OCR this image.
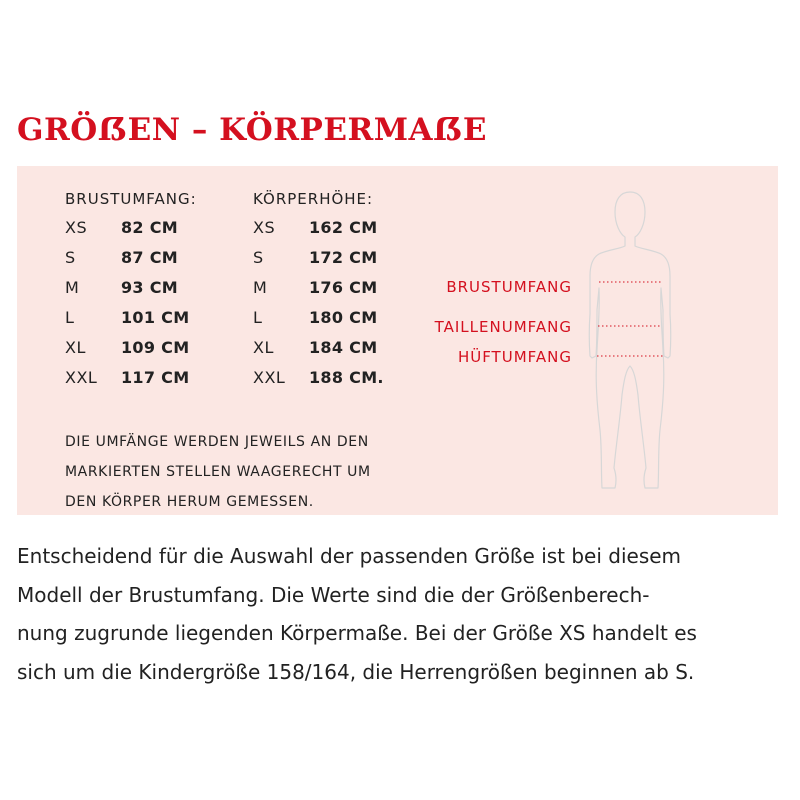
GRÖẞEN – KÖRPERMAẞE
BRUSTUMFANG:
XS 82 CM
S	87 CM
M	93 CM
L	101 CM
XL 109 CM
XXL 117 CM
KÖRPERHÖHE:
XS 162 CM
S	172 CM
M	176 CM
L	180 CM
XL 184 CM
XXL 188 CM.
DIE UMFÄNGE WERDEN JEWEILS AN DEN
MARKIERTEN STELLEN WAAGERECHT UM
DEN KÖRPER HERUM GEMESSEN.
BRUSTUMFANG
TAILLENUMFANG
HÜFTUMFANG
Entscheidend für die Auswahl der passenden Größe ist bei diesem
Modell der Brustumfang. Die Werte sind die der Größenberech-
nung zugrunde liegenden Körpermaße. Bei der Größe XS handelt es
sich um die Kindergröße 158/164, die Herrengrößen beginnen ab S.
